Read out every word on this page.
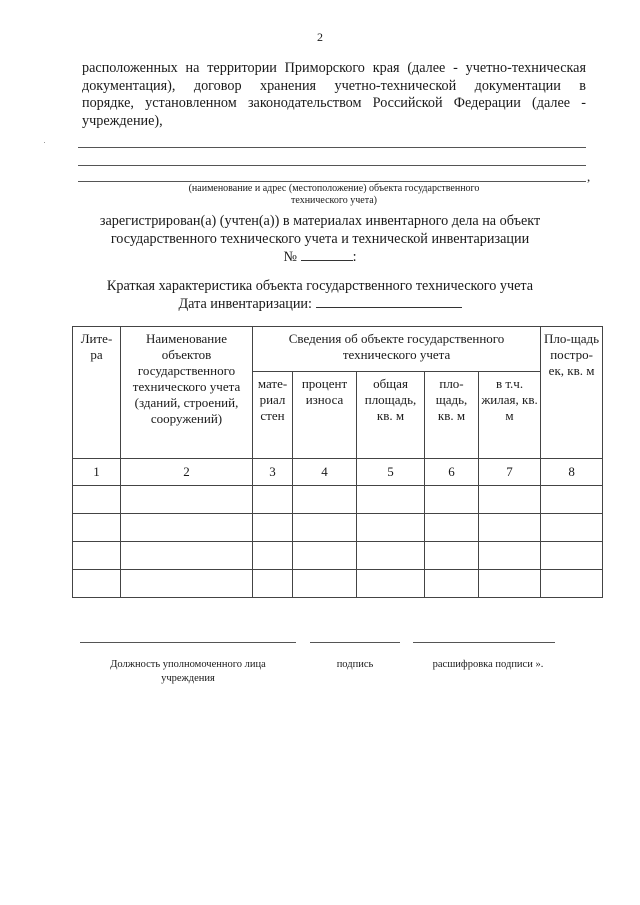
2
расположенных на территории Приморского края (далее - учетно-техническая
документация), договор хранения учетно-технической документации в
порядке, установленном законодательством Российской Федерации (далее -
учреждение),
,
(наименование и адрес (местоположение) объекта государственного
технического учета)
зарегистрирован(а) (учтен(а)) в материалах инвентарного дела на объект
государственного технического учета и технической инвентаризации
№	:
Краткая характеристика объекта государственного технического учета
Дата инвентаризации:
Лите-ра	Наименование объектов государственного технического учета (зданий, строений, сооружений)	Сведения об объекте государственного технического учета					Пло-щадь постро-ек, кв. м
		мате-риал стен	процент износа	общая площадь, кв. м	пло-щадь, кв. м	в т.ч. жилая, кв. м	
1	2	3	4	5	6	7	8

Должность уполномоченного лица
учреждения
подпись	расшифровка подписи ».
